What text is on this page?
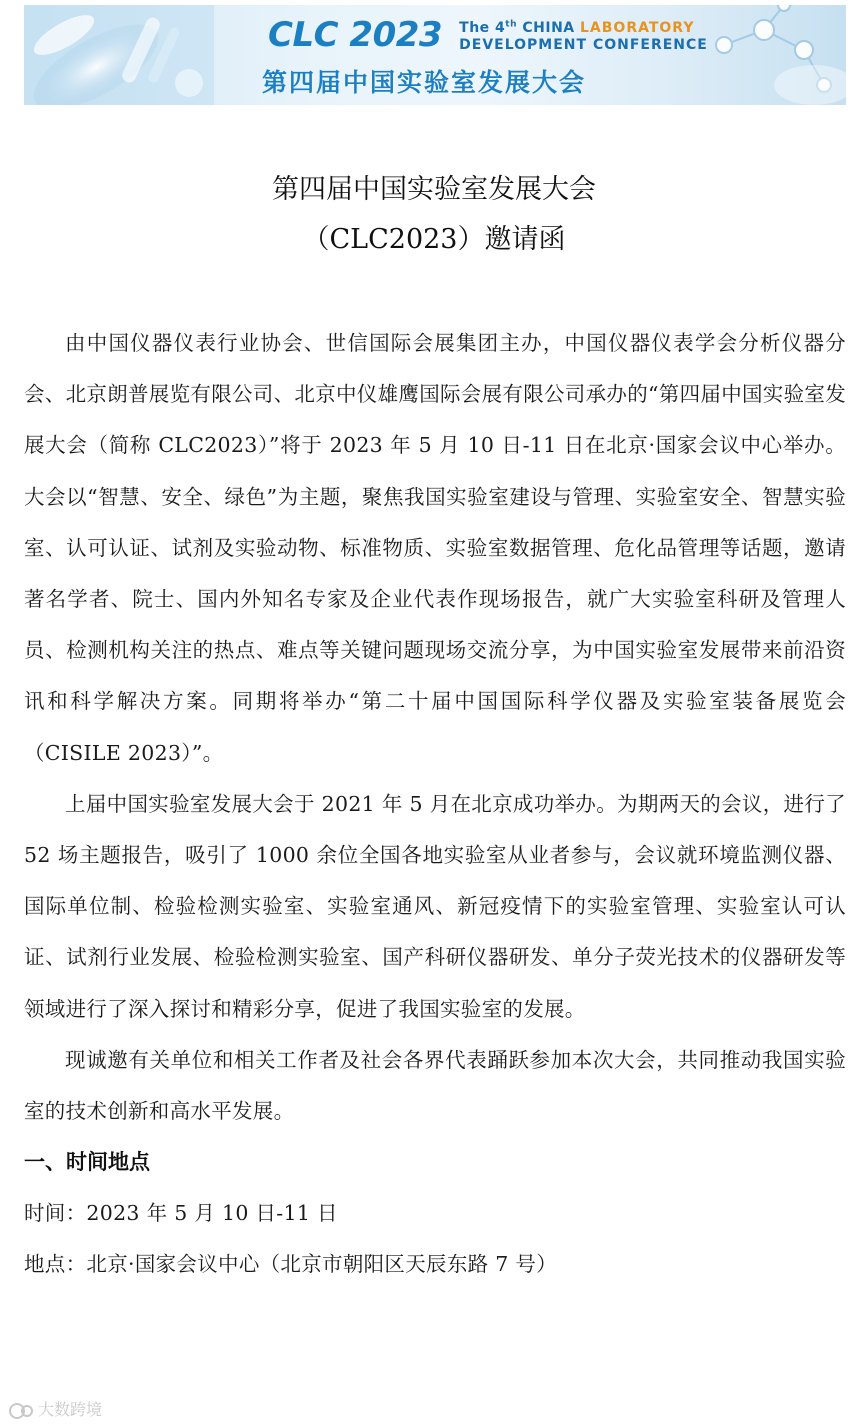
CLC 2023 The 4th CHINA LABORATORY
DEVELOPMENT CONFERENCE
第四届中国实验室发展大会
第四届中国实验室发展大会
（CLC2023）邀请函

由中国仪器仪表行业协会、世信国际会展集团主办，中国仪器仪表学会分析仪器分会、北京朗普展览有限公司、北京中仪雄鹰国际会展有限公司承办的“第四届中国实验室发展大会（简称 CLC2023）”将于 2023 年 5 月 10 日-11 日在北京·国家会议中心举办。大会以“智慧、安全、绿色”为主题，聚焦我国实验室建设与管理、实验室安全、智慧实验室、认可认证、试剂及实验动物、标准物质、实验室数据管理、危化品管理等话题，邀请著名学者、院士、国内外知名专家及企业代表作现场报告，就广大实验室科研及管理人员、检测机构关注的热点、难点等关键问题现场交流分享，为中国实验室发展带来前沿资讯和科学解决方案。同期将举办“第二十届中国国际科学仪器及实验室装备展览会（CISILE 2023）”。

上届中国实验室发展大会于 2021 年 5 月在北京成功举办。为期两天的会议，进行了 52 场主题报告，吸引了 1000 余位全国各地实验室从业者参与，会议就环境监测仪器、国际单位制、检验检测实验室、实验室通风、新冠疫情下的实验室管理、实验室认可认证、试剂行业发展、检验检测实验室、国产科研仪器研发、单分子荧光技术的仪器研发等领域进行了深入探讨和精彩分享，促进了我国实验室的发展。

现诚邀有关单位和相关工作者及社会各界代表踊跃参加本次大会，共同推动我国实验室的技术创新和高水平发展。

一、时间地点

时间：2023 年 5 月 10 日-11 日

地点：北京·国家会议中心（北京市朝阳区天辰东路 7 号）

大数跨境
